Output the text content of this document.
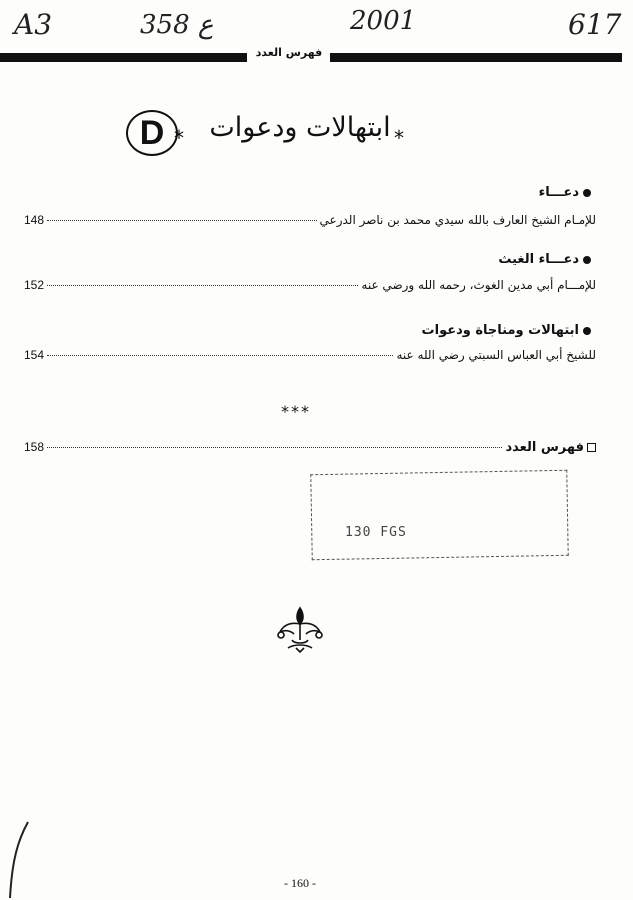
A3	358 ع	2001	617
فهرس العدد
*
ابتهالات ودعوات
*
D
دعـــاء
148	للإمـام الشيخ العارف بالله سيدي محمد بن ناصر الدرعي
دعـــاء الغيث
152	للإمـــام أبي مدين الغوث، رحمه الله ورضي عنه
ابتهالات ومناجاة ودعوات
154	للشيخ أبي العباس السبتي رضي الله عنه
***
158	فهرس العدد
130 FGS
- 160 -
